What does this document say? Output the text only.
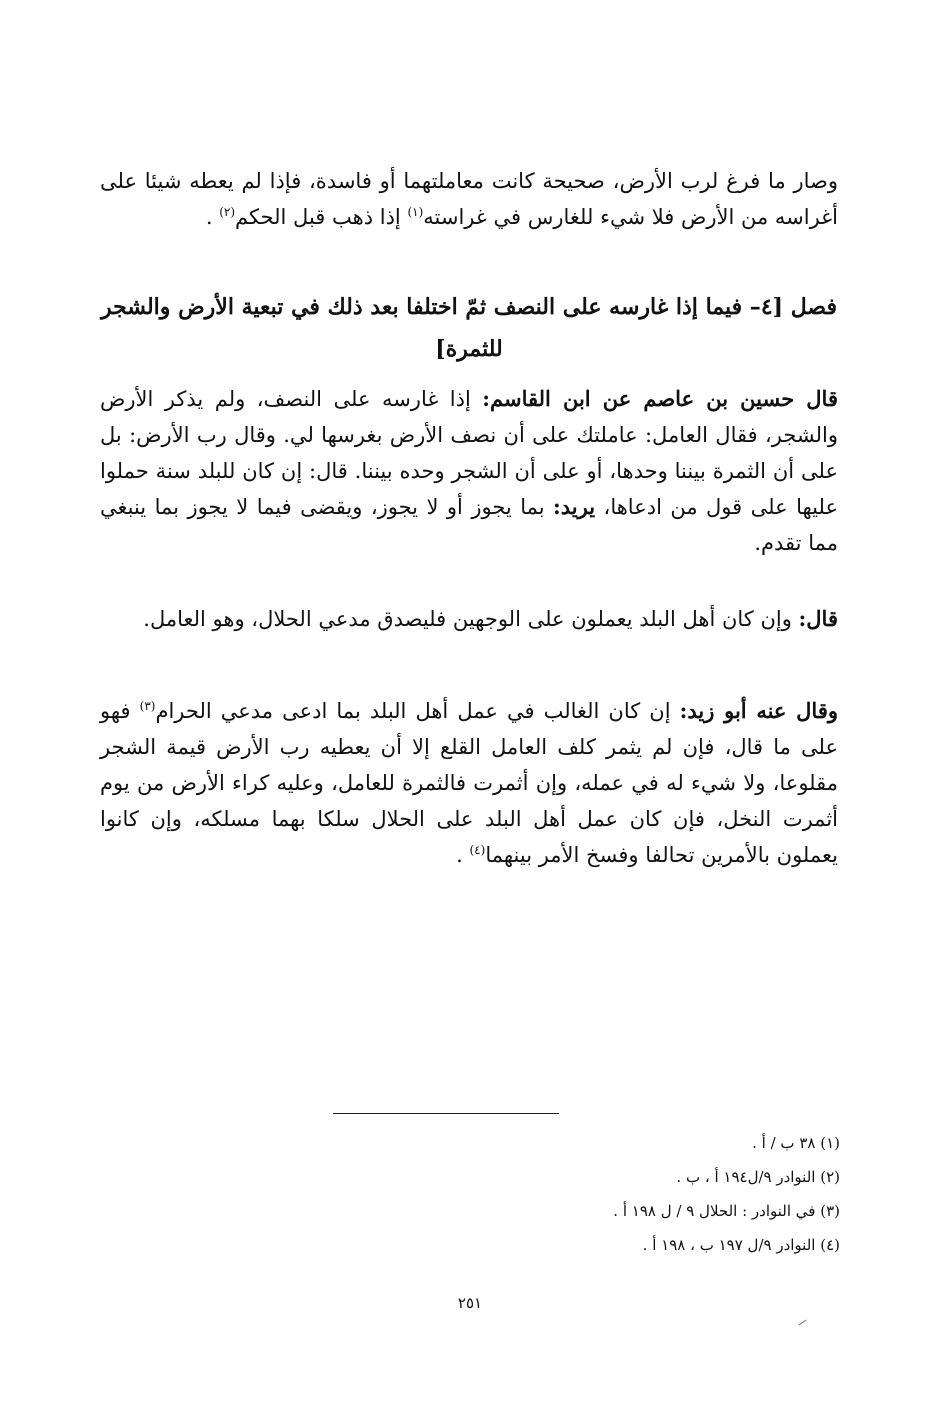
وصار ما فرغ لرب الأرض، صحيحة كانت معاملتهما أو فاسدة، فإذا لم يعطه شيئا على أغراسه من الأرض فلا شيء للغارس في غراسته$^{(١)}$ إذا ذهب قبل الحكم$^{(٢)}$ .

فصل [٤– فيما إذا غارسه على النصف ثمّ اختلفا بعد ذلك في تبعية الأرض والشجر للثمرة]

قال حسين بن عاصم عن ابن القاسم: إذا غارسه على النصف، ولم يذكر الأرض والشجر، فقال العامل: عاملتك على أن نصف الأرض بغرسها لي. وقال رب الأرض: بل على أن الثمرة بيننا وحدها، أو على أن الشجر وحده بيننا. قال: إن كان للبلد سنة حملوا عليها على قول من ادعاها، يريد: بما يجوز أو لا يجوز، ويقضى فيما لا يجوز بما ينبغي مما تقدم.

قال: وإن كان أهل البلد يعملون على الوجهين فليصدق مدعي الحلال، وهو العامل.

وقال عنه أبو زيد: إن كان الغالب في عمل أهل البلد بما ادعى مدعي الحرام$^{(٣)}$ فهو على ما قال، فإن لم يثمر كلف العامل القلع إلا أن يعطيه رب الأرض قيمة الشجر مقلوعا، ولا شيء له في عمله، وإن أثمرت فالثمرة للعامل، وعليه كراء الأرض من يوم أثمرت النخل، فإن كان عمل أهل البلد على الحلال سلكا بهما مسلكه، وإن كانوا يعملون بالأمرين تحالفا وفسخ الأمر بينهما$^{(٤)}$ .

(١) ٣٨ ب / أ .
(٢) النوادر ٩/ل١٩٤ أ ، ب .
(٣) في النوادر : الحلال ٩ / ل ١٩٨ أ .
(٤) النوادر ٩/ل ١٩٧ ب ، ١٩٨ أ .
٢٥١
